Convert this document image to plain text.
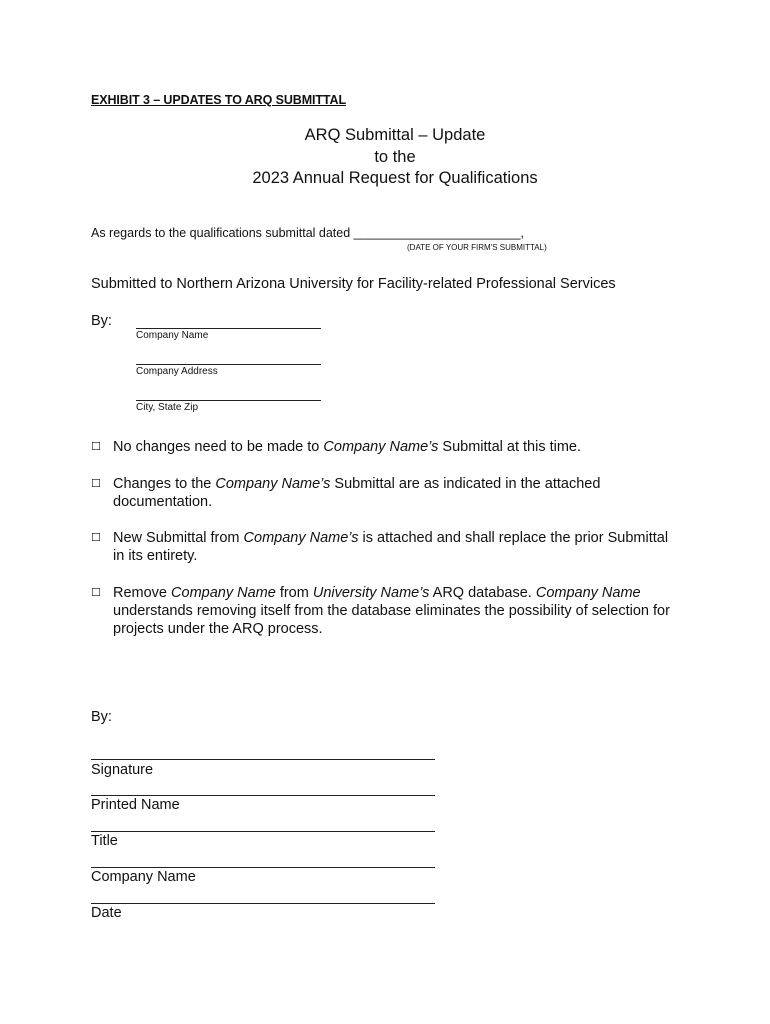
EXHIBIT 3 – UPDATES TO ARQ SUBMITTAL
ARQ Submittal – Update
to the
2023 Annual Request for Qualifications
As regards to the qualifications submittal dated ________________________,
(DATE OF YOUR FIRM'S SUBMITTAL)
Submitted to Northern Arizona University for Facility-related Professional Services
By:
Company Name
Company Address
City, State Zip
☐ No changes need to be made to Company Name’s Submittal at this time.
☐ Changes to the Company Name’s Submittal are as indicated in the attached documentation.
☐ New Submittal from Company Name’s is attached and shall replace the prior Submittal in its entirety.
☐ Remove Company Name from University Name’s ARQ database. Company Name understands removing itself from the database eliminates the possibility of selection for projects under the ARQ process.
By:
Signature
Printed Name
Title
Company Name
Date
